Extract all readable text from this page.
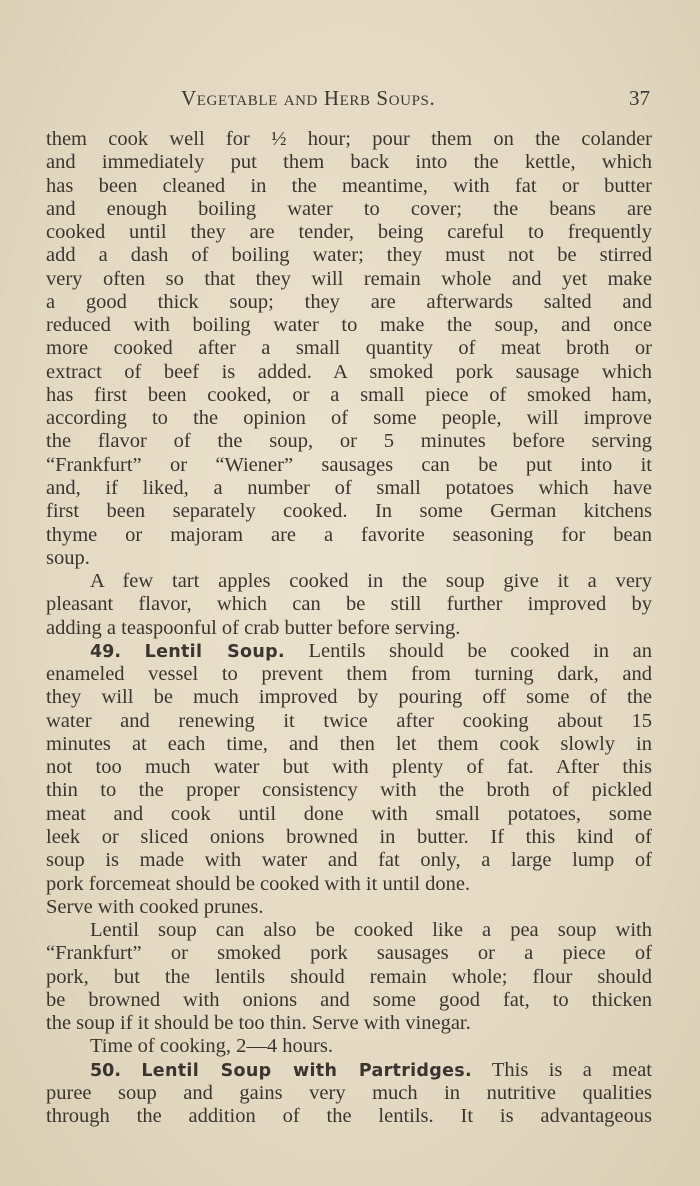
Vegetable and Herb Soups.	37
them cook well for ½ hour; pour them on the colander
and immediately put them back into the kettle, which
has been cleaned in the meantime, with fat or butter
and enough boiling water to cover; the beans are
cooked until they are tender, being careful to frequently
add a dash of boiling water; they must not be stirred
very often so that they will remain whole and yet make
a good thick soup; they are afterwards salted and
reduced with boiling water to make the soup, and once
more cooked after a small quantity of meat broth or
extract of beef is added. A smoked pork sausage which
has first been cooked, or a small piece of smoked ham,
according to the opinion of some people, will improve
the flavor of the soup, or 5 minutes before serving
“Frankfurt” or “Wiener” sausages can be put into it
and, if liked, a number of small potatoes which have
first been separately cooked. In some German kitchens
thyme or majoram are a favorite seasoning for bean
soup.
A few tart apples cooked in the soup give it a very
pleasant flavor, which can be still further improved by
adding a teaspoonful of crab butter before serving.
49. Lentil Soup. Lentils should be cooked in an
enameled vessel to prevent them from turning dark, and
they will be much improved by pouring off some of the
water and renewing it twice after cooking about 15
minutes at each time, and then let them cook slowly in
not too much water but with plenty of fat. After this
thin to the proper consistency with the broth of pickled
meat and cook until done with small potatoes, some
leek or sliced onions browned in butter. If this kind of
soup is made with water and fat only, a large lump of
pork forcemeat should be cooked with it until done.
Serve with cooked prunes.
Lentil soup can also be cooked like a pea soup with
“Frankfurt” or smoked pork sausages or a piece of
pork, but the lentils should remain whole; flour should
be browned with onions and some good fat, to thicken
the soup if it should be too thin. Serve with vinegar.
Time of cooking, 2—4 hours.
50. Lentil Soup with Partridges. This is a meat
puree soup and gains very much in nutritive qualities
through the addition of the lentils. It is advantageous
